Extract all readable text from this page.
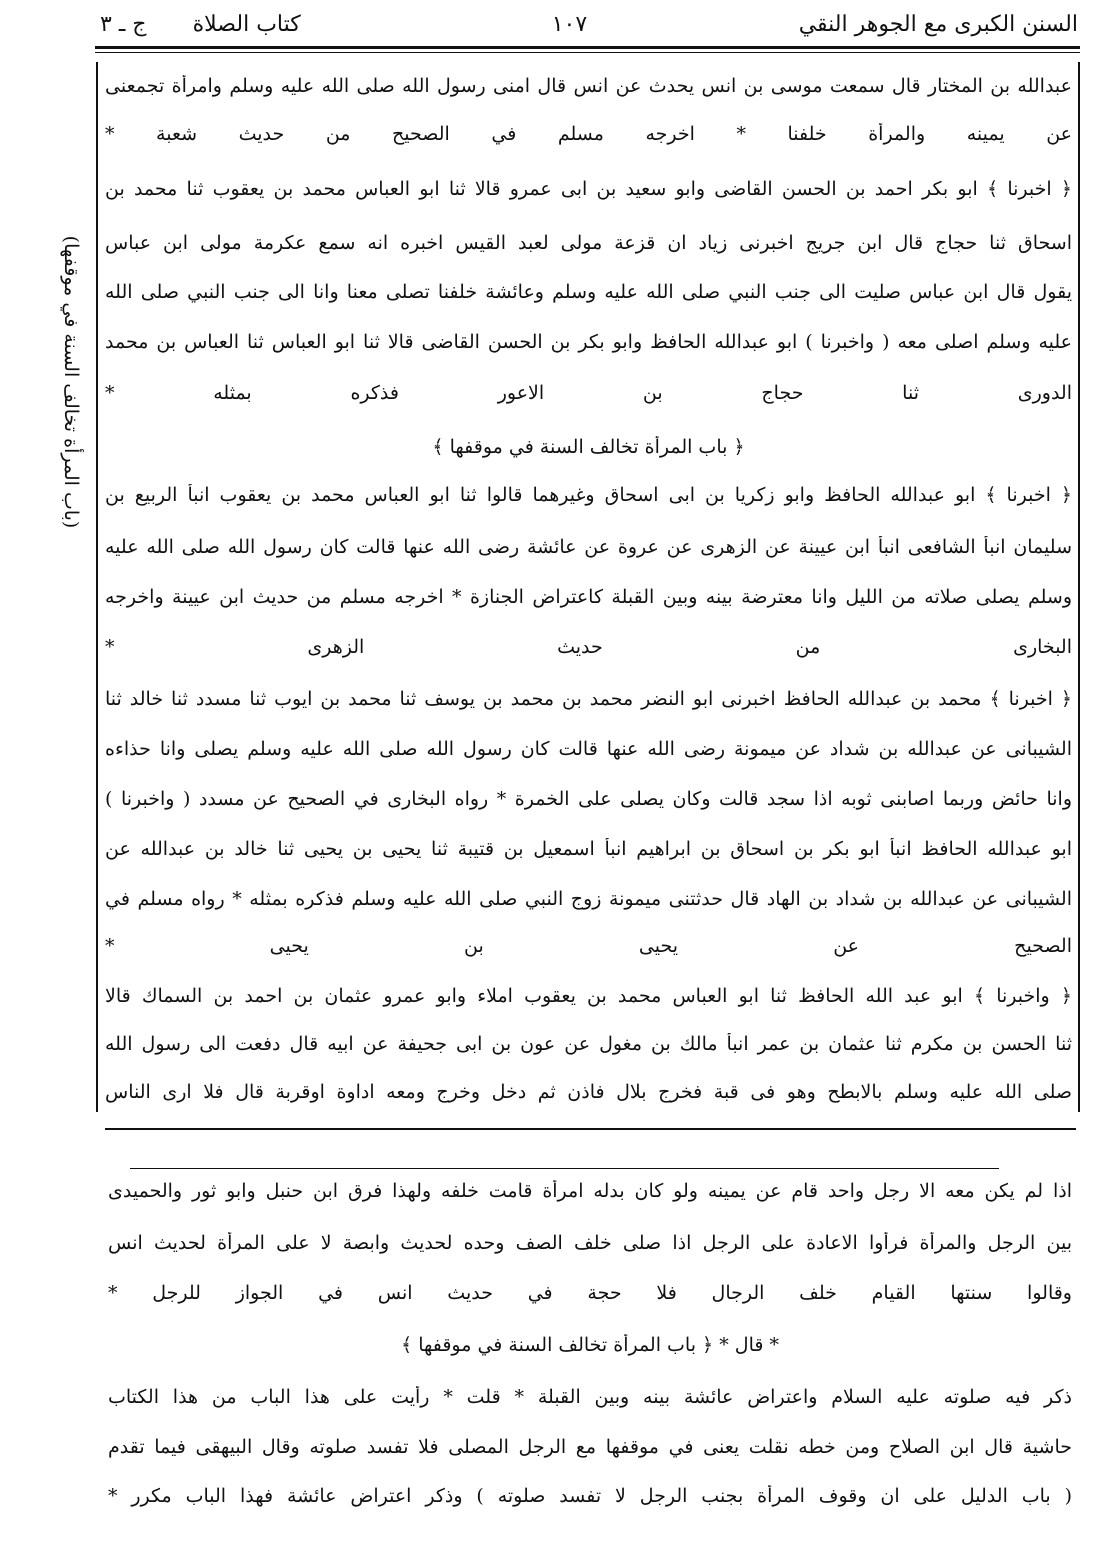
السنن الكبرى مع الجوهر النقي
١٠٧
كتاب الصلاة
ج ـ ٣
(باب المرأة تخالف السنة في موقفها)
عبدالله بن المختار قال سمعت موسى بن انس يحدث عن انس قال امنى رسول الله صلى الله عليه وسلم وامرأة تجمعنى
عن يمينه والمرأة خلفنا * اخرجه مسلم في الصحيح من حديث شعبة *
﴿ اخبرنا ﴾ ابو بكر احمد بن الحسن القاضى وابو سعيد بن ابى عمرو قالا ثنا ابو العباس محمد بن يعقوب ثنا محمد بن
اسحاق ثنا حجاج قال ابن جريج اخبرنى زياد ان قزعة مولى لعبد القيس اخبره انه سمع عكرمة مولى ابن عباس
يقول قال ابن عباس صليت الى جنب النبي صلى الله عليه وسلم وعائشة خلفنا تصلى معنا وانا الى جنب النبي صلى الله
عليه وسلم اصلى معه ( واخبرنا ) ابو عبدالله الحافظ وابو بكر بن الحسن القاضى قالا ثنا ابو العباس ثنا العباس بن محمد
الدورى ثنا حجاج بن الاعور فذكره بمثله *
﴿ باب المرأة تخالف السنة في موقفها ﴾
﴿ اخبرنا ﴾ ابو عبدالله الحافظ وابو زكريا بن ابى اسحاق وغيرهما قالوا ثنا ابو العباس محمد بن يعقوب انبأ الربيع بن
سليمان انبأ الشافعى انبأ ابن عيينة عن الزهرى عن عروة عن عائشة رضى الله عنها قالت كان رسول الله صلى الله عليه
وسلم يصلى صلاته من الليل وانا معترضة بينه وبين القبلة كاعتراض الجنازة * اخرجه مسلم من حديث ابن عيينة واخرجه
البخارى من حديث الزهرى *
﴿ اخبرنا ﴾ محمد بن عبدالله الحافظ اخبرنى ابو النضر محمد بن محمد بن يوسف ثنا محمد بن ايوب ثنا مسدد ثنا خالد ثنا
الشيبانى عن عبدالله بن شداد عن ميمونة رضى الله عنها قالت كان رسول الله صلى الله عليه وسلم يصلى وانا حذاءه
وانا حائض وربما اصابنى ثوبه اذا سجد قالت وكان يصلى على الخمرة * رواه البخارى في الصحيح عن مسدد ( واخبرنا )
ابو عبدالله الحافظ انبأ ابو بكر بن اسحاق بن ابراهيم انبأ اسمعيل بن قتيبة ثنا يحيى بن يحيى ثنا خالد بن عبدالله عن
الشيبانى عن عبدالله بن شداد بن الهاد قال حدثتنى ميمونة زوج النبي صلى الله عليه وسلم فذكره بمثله * رواه مسلم في
الصحيح عن يحيى بن يحيى *
﴿ واخبرنا ﴾ ابو عبد الله الحافظ ثنا ابو العباس محمد بن يعقوب املاء وابو عمرو عثمان بن احمد بن السماك قالا
ثنا الحسن بن مكرم ثنا عثمان بن عمر انبأ مالك بن مغول عن عون بن ابى جحيفة عن ابيه قال دفعت الى رسول الله
صلى الله عليه وسلم بالابطح وهو فى قبة فخرج بلال فاذن ثم دخل وخرج ومعه اداوة اوقربة قال فلا ارى الناس
اذا لم يكن معه الا رجل واحد قام عن يمينه ولو كان بدله امرأة قامت خلفه ولهذا فرق ابن حنبل وابو ثور والحميدى
بين الرجل والمرأة فرأوا الاعادة على الرجل اذا صلى خلف الصف وحده لحديث وابصة لا على المرأة لحديث انس
وقالوا سنتها القيام خلف الرجال فلا حجة في حديث انس في الجواز للرجل *
* قال * ﴿ باب المرأة تخالف السنة في موقفها ﴾
ذكر فيه صلوته عليه السلام واعتراض عائشة بينه وبين القبلة * قلت * رأيت على هذا الباب من هذا الكتاب
حاشية قال ابن الصلاح ومن خطه نقلت يعنى في موقفها مع الرجل المصلى فلا تفسد صلوته وقال البيهقى فيما تقدم
( باب الدليل على ان وقوف المرأة بجنب الرجل لا تفسد صلوته ) وذكر اعتراض عائشة فهذا الباب مكرر *
